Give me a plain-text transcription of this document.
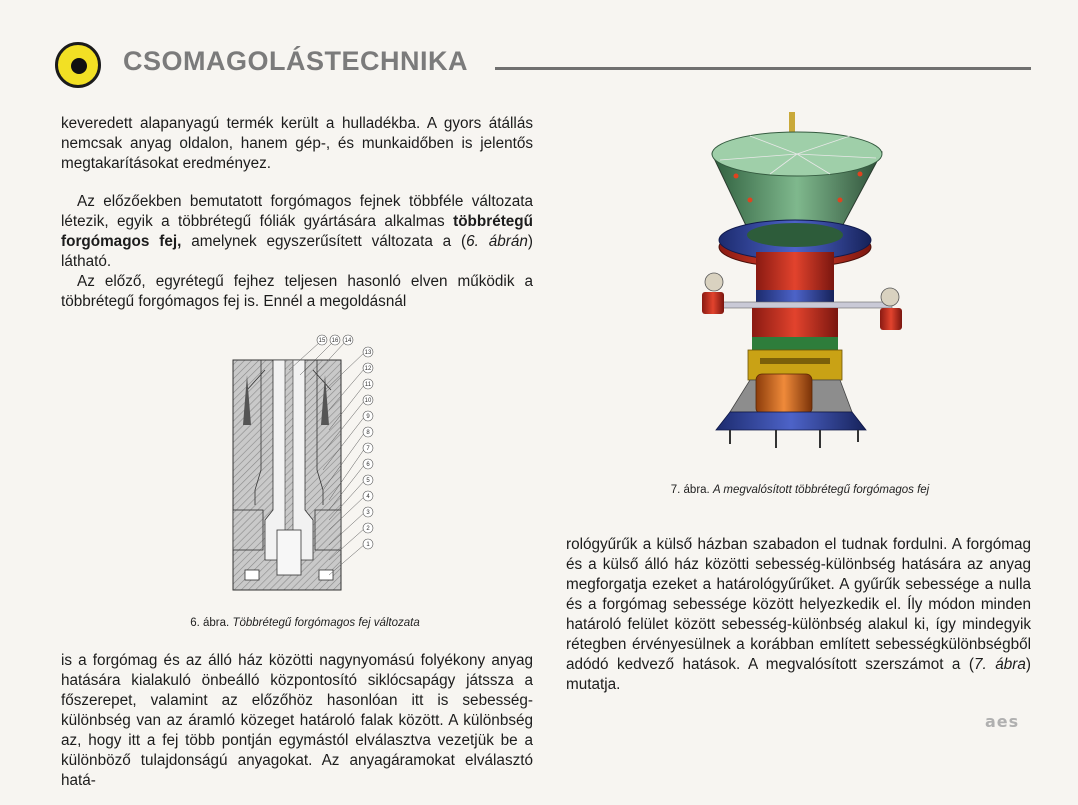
CSOMAGOLÁSTECHNIKA

keveredett alapanyagú termék került a hulladékba. A gyors átállás nemcsak anyag oldalon, hanem gép-, és munkaidőben is jelentős megtakarításokat eredményez.

Az előzőekben bemutatott forgómagos fejnek többféle változata létezik, egyik a többrétegű fóliák gyártására alkalmas többrétegű forgómagos fej, amelynek egyszerűsített változata a (6. ábrán) látható.

Az előző, egyrétegű fejhez teljesen hasonló elven működik a többrétegű forgómagos fej is. Ennél a megoldásnál

15 16 14
13
12
11
10
9
8
7
6
5
4
3
2
1
6. ábra. Többrétegű forgómagos fej változata

is a forgómag és az álló ház közötti nagynyomású folyékony anyag hatására kialakuló önbeálló központosító siklócsapágy játssza a főszerepet, valamint az előzőhöz hasonlóan itt is sebesség-különbség van az áramló közeget határoló falak között. A különbség az, hogy itt a fej több pontján egymástól elválasztva vezetjük be a különböző tulajdonságú anyagokat. Az anyagáramokat elválasztó hatá-

7. ábra. A megvalósított többrétegű forgómagos fej

rológyűrűk a külső házban szabadon el tudnak fordulni. A forgómag és a külső álló ház közötti sebesség-különbség hatására az anyag megforgatja ezeket a határológyűrűket. A gyűrűk sebessége a nulla és a forgómag sebessége között helyezkedik el. Íly módon minden határoló felület között sebesség-különbség alakul ki, így mindegyik rétegben érvényesülnek a korábban említett sebességkülönbségből adódó kedvező hatások. A megvalósított szerszámot a (7. ábra) mutatja.

aes
